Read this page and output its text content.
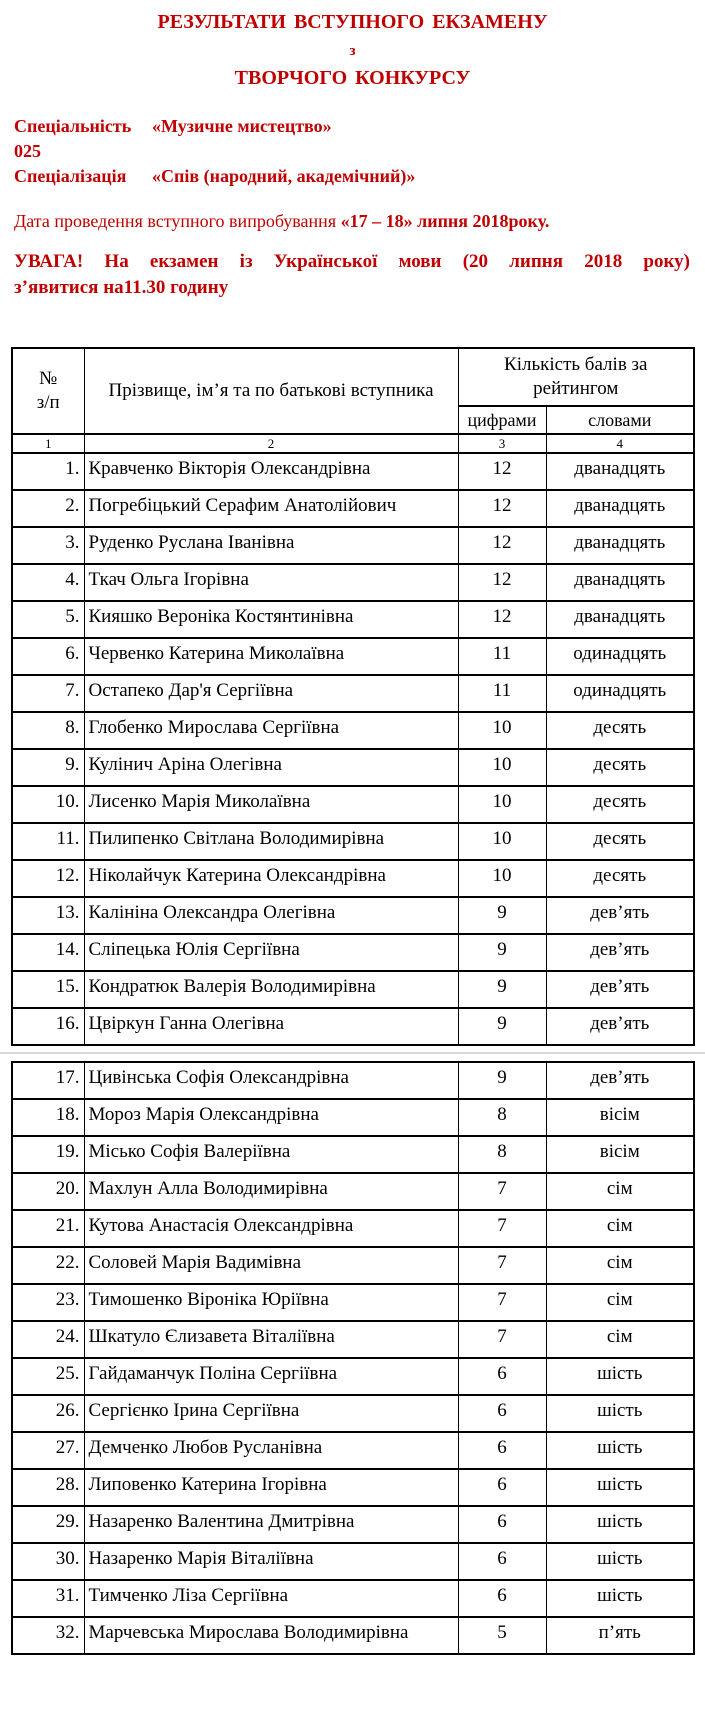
РЕЗУЛЬТАТИ ВСТУПНОГО ЕКЗАМЕНУ
з
ТВОРЧОГО КОНКУРСУ
Спеціальність 025
«Музичне мистецтво»
Спеціалізація	«Спів (народний, академічний)»
Дата проведення вступного випробування «17 – 18» липня 2018року.
УВАГА! На екзамен із Української мови (20 липня 2018 року)
з’явитися на11.30 годину
№
з/п	Прізвище, ім’я та по батькові вступника	Кількість балів за рейтингом	
		цифрами	словами
1	2	3	4
1.	Кравченко Вікторія Олександрівна	12	дванадцять
2.	Погребіцький Серафим Анатолійович	12	дванадцять
3.	Руденко Руслана Іванівна	12	дванадцять
4.	Ткач Ольга Ігорівна	12	дванадцять
5.	Кияшко Вероніка Костянтинівна	12	дванадцять
6.	Червенко Катерина Миколаївна	11	одинадцять
7.	Остапеко Дар'я Сергіївна	11	одинадцять
8.	Глобенко Мирослава Сергіївна	10	десять
9.	Кулінич Аріна Олегівна	10	десять
10.	Лисенко Марія Миколаївна	10	десять
11.	Пилипенко Світлана Володимирівна	10	десять
12.	Ніколайчук Катерина Олександрівна	10	десять
13.	Калініна Олександра Олегівна	9	дев’ять
14.	Сліпецька Юлія Сергіївна	9	дев’ять
15.	Кондратюк Валерія Володимирівна	9	дев’ять
16.	Цвіркун Ганна Олегівна	9	дев’ять
17.	Цивінська Софія Олександрівна	9	дев’ять
18.	Мороз Марія Олександрівна	8	вісім
19.	Місько Софія Валеріївна	8	вісім
20.	Махлун Алла Володимирівна	7	сім
21.	Кутова Анастасія Олександрівна	7	сім
22.	Соловей Марія Вадимівна	7	сім
23.	Тимошенко Віроніка Юріївна	7	сім
24.	Шкатуло Єлизавета Віталіївна	7	сім
25.	Гайдаманчук Поліна Сергіївна	6	шість
26.	Сергієнко Ірина Сергіївна	6	шість
27.	Демченко Любов Русланівна	6	шість
28.	Липовенко Катерина Ігорівна	6	шість
29.	Назаренко Валентина Дмитрівна	6	шість
30.	Назаренко Марія Віталіївна	6	шість
31.	Тимченко Ліза Сергіївна	6	шість
32.	Марчевська Мирослава Володимирівна	5	п’ять
